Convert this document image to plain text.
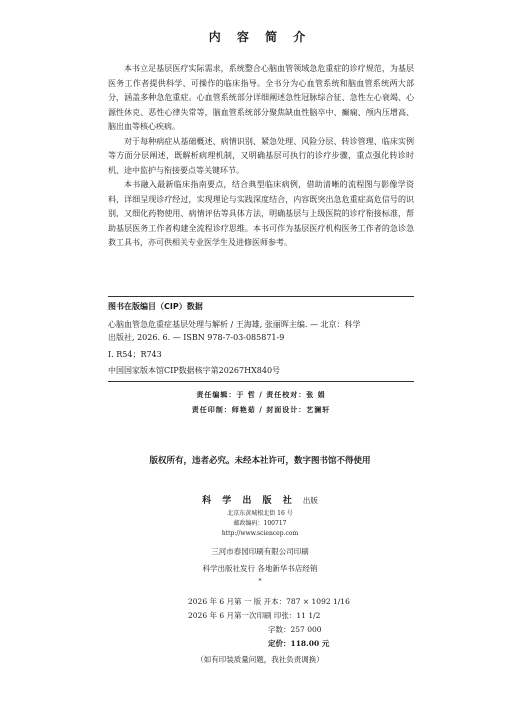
内 容 简 介

本书立足基层医疗实际需求，系统整合心脑血管领域急危重症的诊疗规范，为基层医务工作者提供科学、可操作的临床指导。全书分为心血管系统和脑血管系统两大部分，涵盖多种急危重症。心血管系统部分详细阐述急性冠脉综合征、急性左心衰竭、心源性休克、恶性心律失常等，脑血管系统部分聚焦缺血性脑卒中、癫痫、颅内压增高、脑出血等核心疾病。

对于每种病症从基础概述、病情识别、紧急处理、风险分层、转诊管理、临床实例等方面分层阐述，既解析病理机制，又明确基层可执行的诊疗步骤，重点强化转诊时机、途中监护与衔接要点等关键环节。

本书融入最新临床指南要点，结合典型临床病例，借助清晰的流程图与影像学资料，详细呈现诊疗经过，实现理论与实践深度结合，内容既突出急危重症高危信号的识别，又细化药物使用、病情评估等具体方法，明确基层与上级医院的诊疗衔接标准，帮助基层医务工作者构建全流程诊疗思维。本书可作为基层医疗机构医务工作者的急诊急救工具书，亦可供相关专业医学生及进修医师参考。

图书在版编目（CIP）数据
心脑血管急危重症基层处理与解析 / 王海雄, 张丽晖主编. — 北京：科学
出版社, 2026. 6. — ISBN 978-7-03-085871-9
Ⅰ. R54；R743
中国国家版本馆CIP数据核字第20267HX840号
责任编辑：于 哲 / 责任校对：张 娟
责任印制：师艳茹 / 封面设计：艺澜轩
版权所有，违者必究。未经本社许可，数字图书馆不得使用
科 学 出 版 社 出版
北京东黄城根北街 16 号
邮政编码：100717
http://www.sciencep.com
三河市春园印刷有限公司印刷
科学出版社发行 各地新华书店经销
*
2026 年 6 月第 一 版 开本：787 × 1092 1/16
2026 年 6 月第一次印刷 印张：11 1/2
字数：257 000
定价：118.00 元
（如有印装质量问题，我社负责调换）
